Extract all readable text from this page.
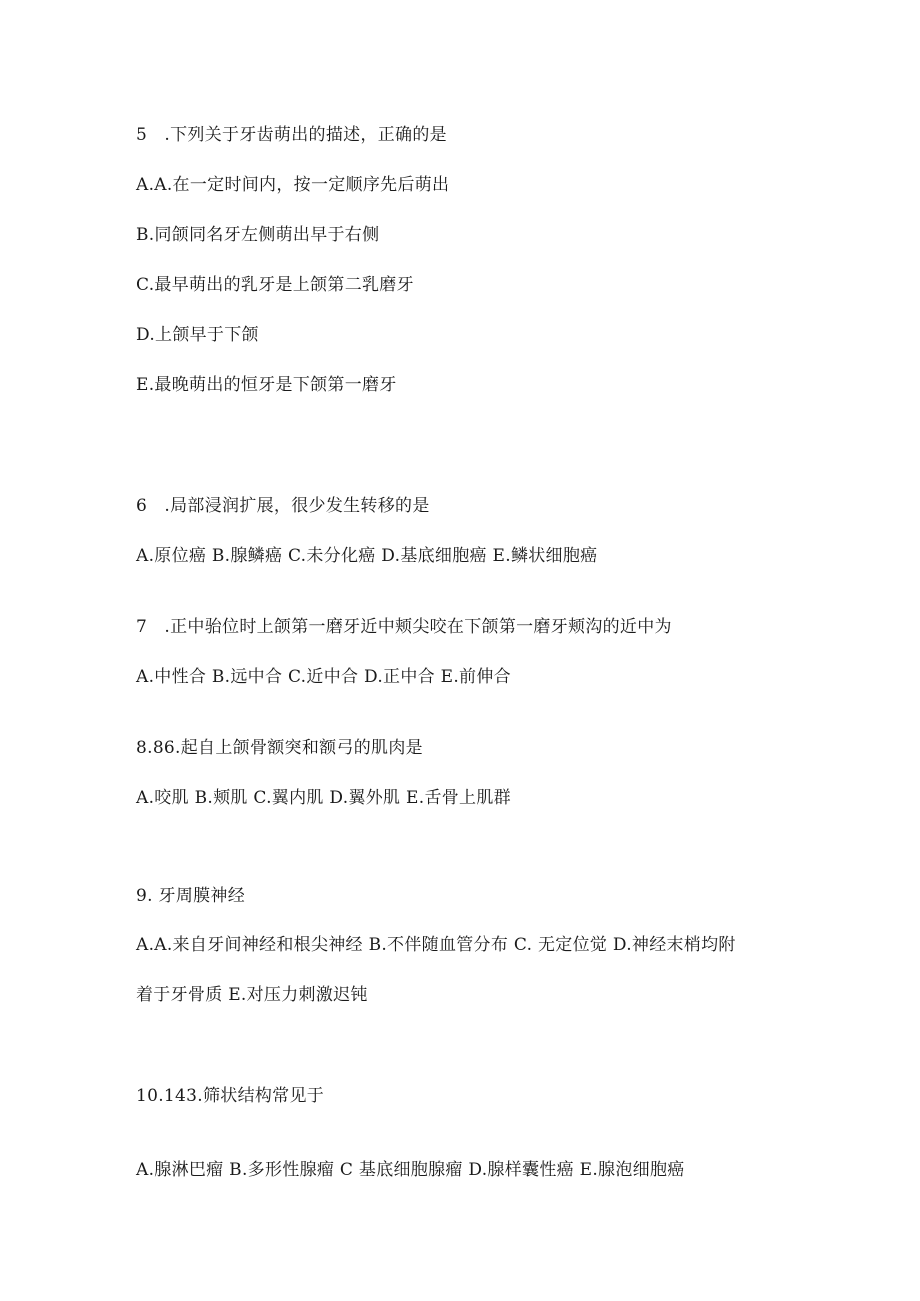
5　.下列关于牙齿萌出的描述，正确的是
A.A.在一定时间内，按一定顺序先后萌出
B.同颌同名牙左侧萌出早于右侧
C.最早萌出的乳牙是上颌第二乳磨牙
D.上颌早于下颌
E.最晚萌出的恒牙是下颌第一磨牙
6　.局部浸润扩展，很少发生转移的是
A.原位癌 B.腺鳞癌 C.未分化癌 D.基底细胞癌 E.鳞状细胞癌
7　.正中骀位时上颌第一磨牙近中颊尖咬在下颌第一磨牙颊沟的近中为
A.中性合 B.远中合 C.近中合 D.正中合 E.前伸合
8.86.起自上颌骨额突和额弓的肌肉是
A.咬肌 B.颊肌 C.翼内肌 D.翼外肌 E.舌骨上肌群
9. 牙周膜神经
A.A.来自牙间神经和根尖神经 B.不伴随血管分布 C. 无定位觉 D.神经末梢均附
着于牙骨质 E.对压力刺激迟钝
10.143.筛状结构常见于
A.腺淋巴瘤 B.多形性腺瘤 C 基底细胞腺瘤 D.腺样囊性癌 E.腺泡细胞癌
